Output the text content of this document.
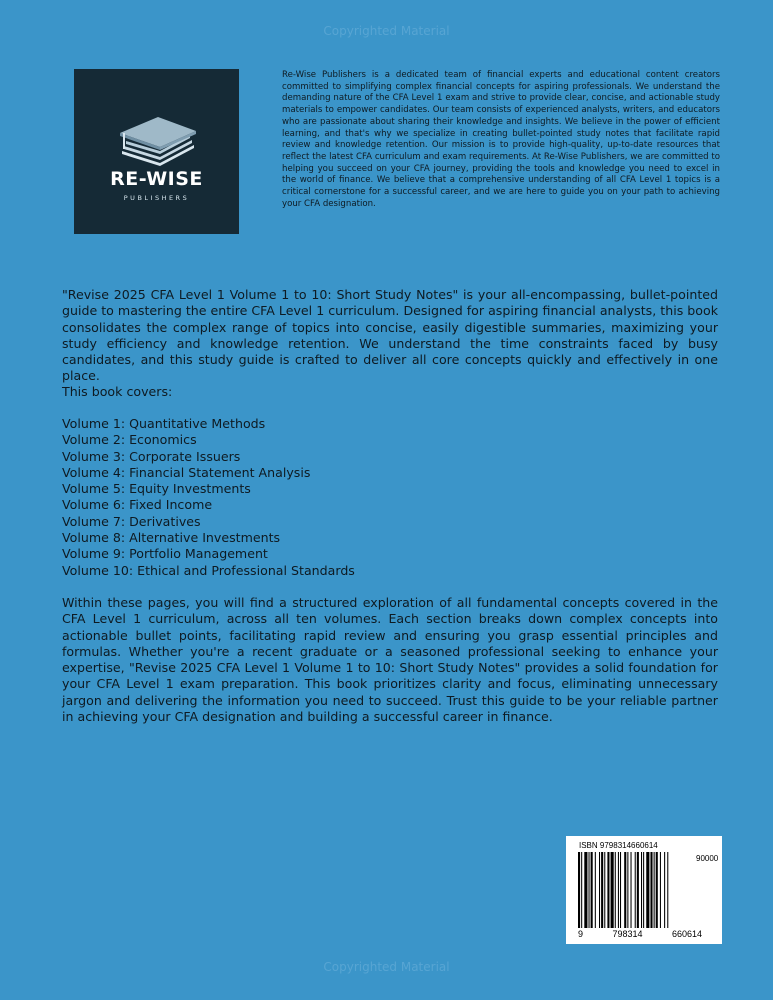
Copyrighted Material
RE-WISE
PUBLISHERS
Re-Wise Publishers is a dedicated team of financial experts and educational content creators committed to simplifying complex financial concepts for aspiring professionals. We understand the demanding nature of the CFA Level 1 exam and strive to provide clear, concise, and actionable study materials to empower candidates. Our team consists of experienced analysts, writers, and educators who are passionate about sharing their knowledge and insights. We believe in the power of efficient learning, and that's why we specialize in creating bullet-pointed study notes that facilitate rapid review and knowledge retention. Our mission is to provide high-quality, up-to-date resources that reflect the latest CFA curriculum and exam requirements. At Re-Wise Publishers, we are committed to helping you succeed on your CFA journey, providing the tools and knowledge you need to excel in the world of finance. We believe that a comprehensive understanding of all CFA Level 1 topics is a critical cornerstone for a successful career, and we are here to guide you on your path to achieving your CFA designation.
"Revise 2025 CFA Level 1 Volume 1 to 10: Short Study Notes" is your all-encompassing, bullet-pointed guide to mastering the entire CFA Level 1 curriculum. Designed for aspiring financial analysts, this book consolidates the complex range of topics into concise, easily digestible summaries, maximizing your study efficiency and knowledge retention. We understand the time constraints faced by busy candidates, and this study guide is crafted to deliver all core concepts quickly and effectively in one place.
This book covers:
Volume 1: Quantitative Methods
Volume 2: Economics
Volume 3: Corporate Issuers
Volume 4: Financial Statement Analysis
Volume 5: Equity Investments
Volume 6: Fixed Income
Volume 7: Derivatives
Volume 8: Alternative Investments
Volume 9: Portfolio Management
Volume 10: Ethical and Professional Standards
Within these pages, you will find a structured exploration of all fundamental concepts covered in the CFA Level 1 curriculum, across all ten volumes. Each section breaks down complex concepts into actionable bullet points, facilitating rapid review and ensuring you grasp essential principles and formulas. Whether you're a recent graduate or a seasoned professional seeking to enhance your expertise, "Revise 2025 CFA Level 1 Volume 1 to 10: Short Study Notes" provides a solid foundation for your CFA Level 1 exam preparation. This book prioritizes clarity and focus, eliminating unnecessary jargon and delivering the information you need to succeed. Trust this guide to be your reliable partner in achieving your CFA designation and building a successful career in finance.
ISBN 9798314660614
90000
9	798314	660614
Copyrighted Material
